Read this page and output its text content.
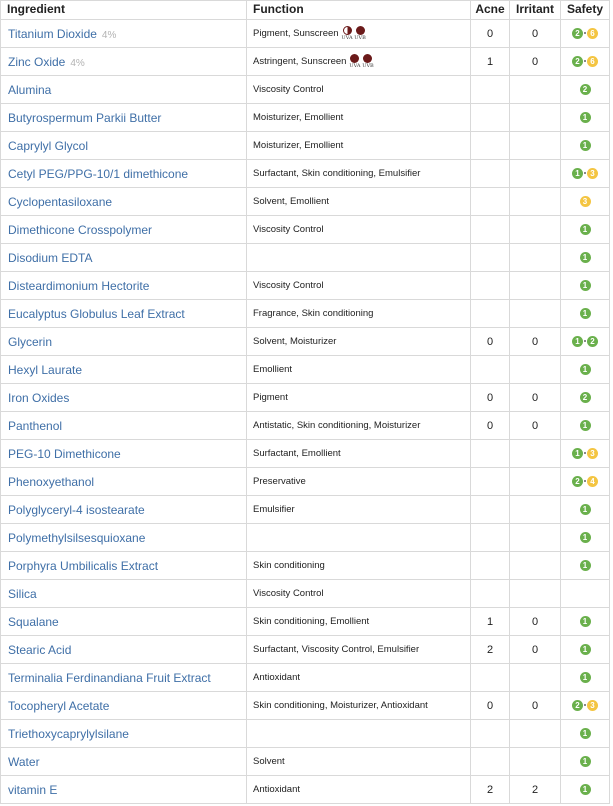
Ingredient	Function	Acne	Irritant	Safety
Titanium Dioxide 4%	Pigment, Sunscreen UVA UVB	0	0	2 6
Zinc Oxide 4%	Astringent, Sunscreen UVA UVB	1	0	2 6
Alumina	Viscosity Control			2
Butyrospermum Parkii Butter	Moisturizer, Emollient			1
Caprylyl Glycol	Moisturizer, Emollient			1
Cetyl PEG/PPG-10/1 dimethicone	Surfactant, Skin conditioning, Emulsifier			1 3
Cyclopentasiloxane	Solvent, Emollient			3
Dimethicone Crosspolymer	Viscosity Control			1
Disodium EDTA				1
Disteardimonium Hectorite	Viscosity Control			1
Eucalyptus Globulus Leaf Extract	Fragrance, Skin conditioning			1
Glycerin	Solvent, Moisturizer	0	0	1 2
Hexyl Laurate	Emollient			1
Iron Oxides	Pigment	0	0	2
Panthenol	Antistatic, Skin conditioning, Moisturizer	0	0	1
PEG-10 Dimethicone	Surfactant, Emollient			1 3
Phenoxyethanol	Preservative			2 4
Polyglyceryl-4 isostearate	Emulsifier			1
Polymethylsilsesquioxane				1
Porphyra Umbilicalis Extract	Skin conditioning			1
Silica	Viscosity Control			
Squalane	Skin conditioning, Emollient	1	0	1
Stearic Acid	Surfactant, Viscosity Control, Emulsifier	2	0	1
Terminalia Ferdinandiana Fruit Extract	Antioxidant			1
Tocopheryl Acetate	Skin conditioning, Moisturizer, Antioxidant	0	0	2 3
Triethoxycaprylylsilane				1
Water	Solvent			1
vitamin E	Antioxidant	2	2	1
